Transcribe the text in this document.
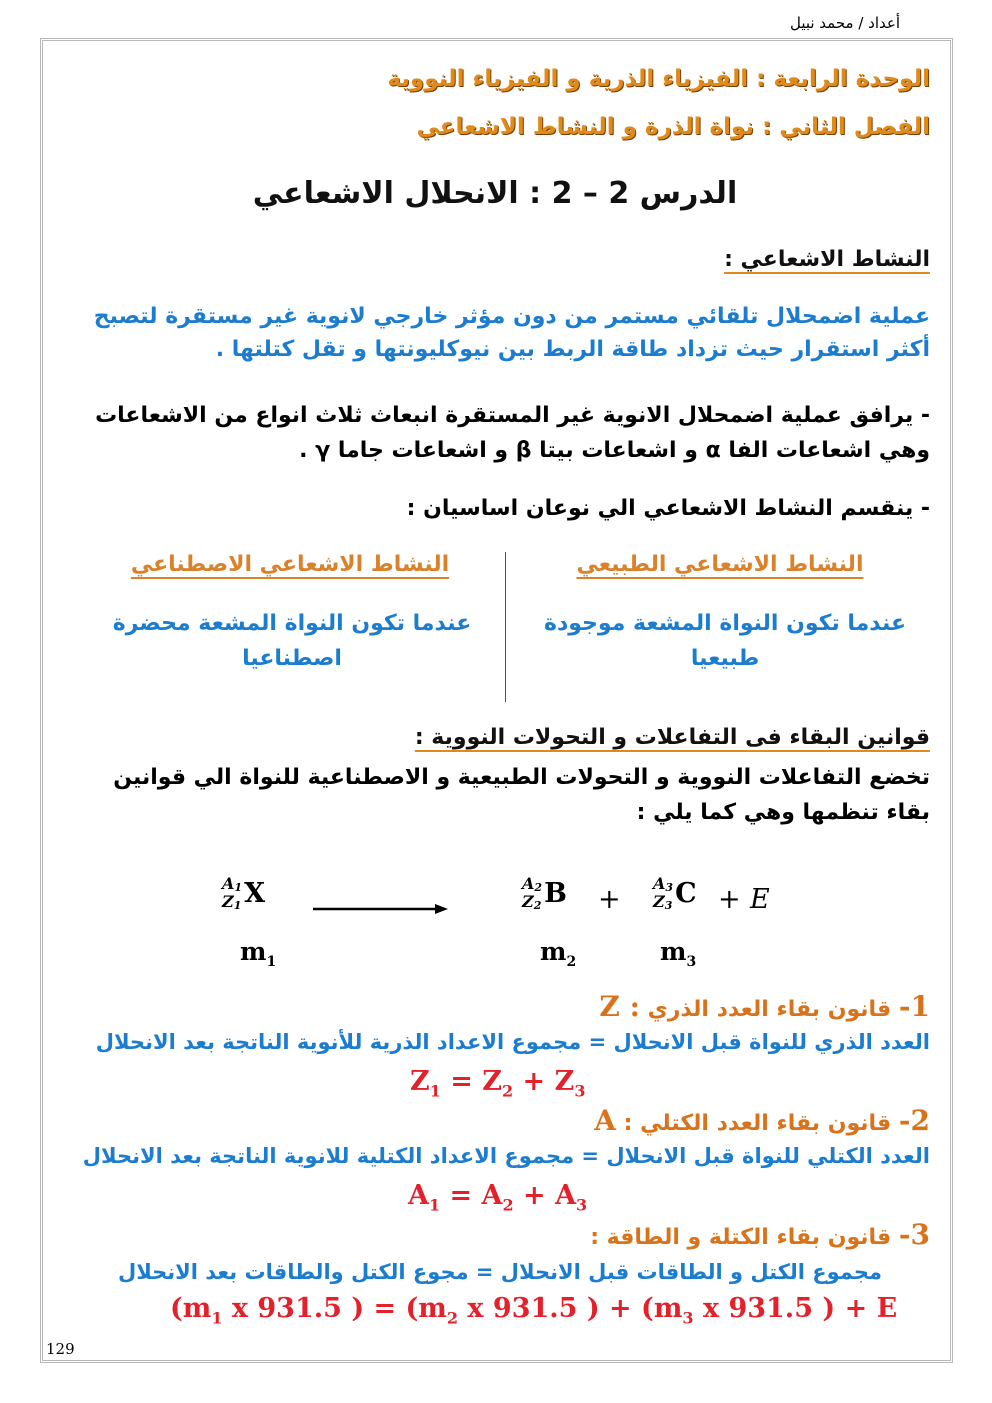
أعداد / محمد نبيل
129
الوحدة الرابعة : الفيزياء الذرية و الفيزياء النووية
الفصل الثاني : نواة الذرة و النشاط الاشعاعي
الدرس 2 – 2 : الانحلال الاشعاعي
النشاط الاشعاعي :
عملية اضمحلال تلقائي مستمر من دون مؤثر خارجي لانوية غير مستقرة لتصبح أكثر استقرار حيث تزداد طاقة الربط بين نيوكليونتها و تقل كتلتها .
- يرافق عملية اضمحلال الانوية غير المستقرة انبعاث ثلاث انواع من الاشعاعات وهي اشعاعات الفا α و اشعاعات بيتا β و اشعاعات جاما γ .
- ينقسم النشاط الاشعاعي الي نوعان اساسيان :
النشاط الاشعاعي الطبيعي
النشاط الاشعاعي الاصطناعي
عندما تكون النواة المشعة موجودة طبيعيا
عندما تكون النواة المشعة محضرة اصطناعيا
قوانين البقاء فى التفاعلات و التحولات النووية :
تخضع التفاعلات النووية و التحولات الطبيعية و الاصطناعية للنواة الي قوانين بقاء تنظمها وهي كما يلي :
$A_1$
$Z_1$ X	$A_2$
$Z_2$ B +
$A_3$
$Z_3$ C + E
$m_1$	$m_2$	$m_3$
1- قانون بقاء العدد الذري Z :
العدد الذري للنواة قبل الانحلال = مجموع الاعداد الذرية للأنوية الناتجة بعد الانحلال
$Z_1 = Z_2 + Z_3$
2- قانون بقاء العدد الكتلي : A
العدد الكتلي للنواة قبل الانحلال = مجموع الاعداد الكتلية للانوية الناتجة بعد الانحلال
$A_1 = A_2 + A_3$
3- قانون بقاء الكتلة و الطاقة :
مجموع الكتل و الطاقات قبل الانحلال = مجوع الكتل والطاقات بعد الانحلال
($m_1$ x 931.5 ) = ($m_2$ x 931.5 ) + ($m_3$ x 931.5 ) + E
